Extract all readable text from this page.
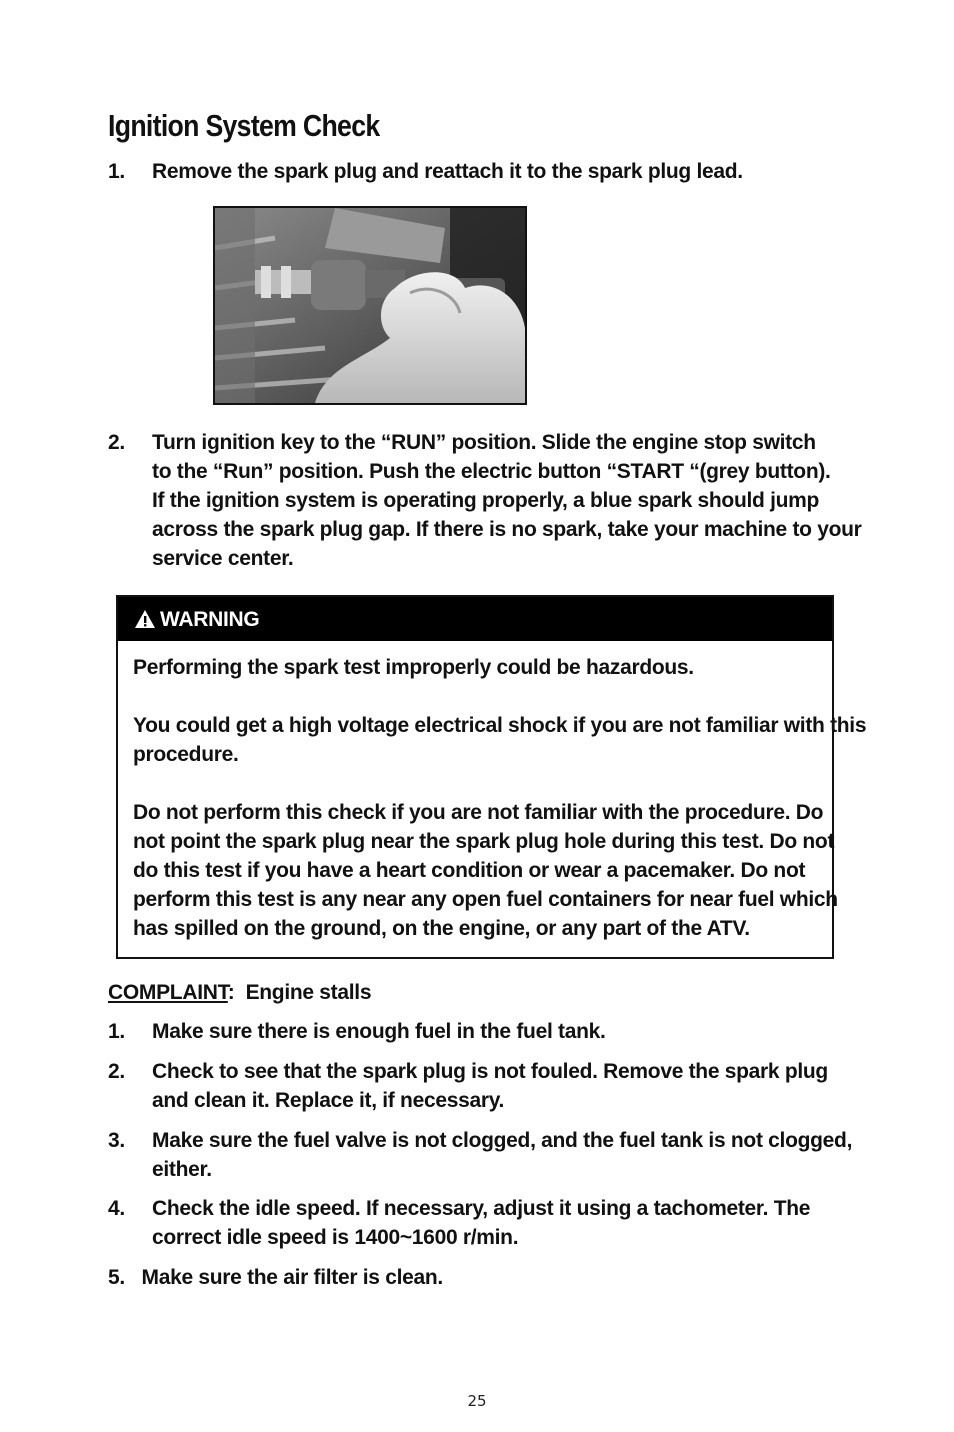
Ignition System Check
1. Remove the spark plug and reattach it to the spark plug lead.
2. Turn ignition key to the “RUN” position. Slide the engine stop switch
to the “Run” position. Push the electric button “START “(grey button).
If the ignition system is operating properly, a blue spark should jump
across the spark plug gap. If there is no spark, take your machine to your
service center.
WARNING

Performing the spark test improperly could be hazardous.

You could get a high voltage electrical shock if you are not familiar with this
procedure.

Do not perform this check if you are not familiar with the procedure. Do
not point the spark plug near the spark plug hole during this test. Do not
do this test if you have a heart condition or wear a pacemaker. Do not
perform this test is any near any open fuel containers for near fuel which
has spilled on the ground, on the engine, or any part of the ATV.

COMPLAINT:  Engine stalls
1. Make sure there is enough fuel in the fuel tank.
2. Check to see that the spark plug is not fouled. Remove the spark plug
and clean it. Replace it, if necessary.
3. Make sure the fuel valve is not clogged, and the fuel tank is not clogged,
either.
4. Check the idle speed. If necessary, adjust it using a tachometer. The
correct idle speed is 1400~1600 r/min.
5.   Make sure the air filter is clean.
25
